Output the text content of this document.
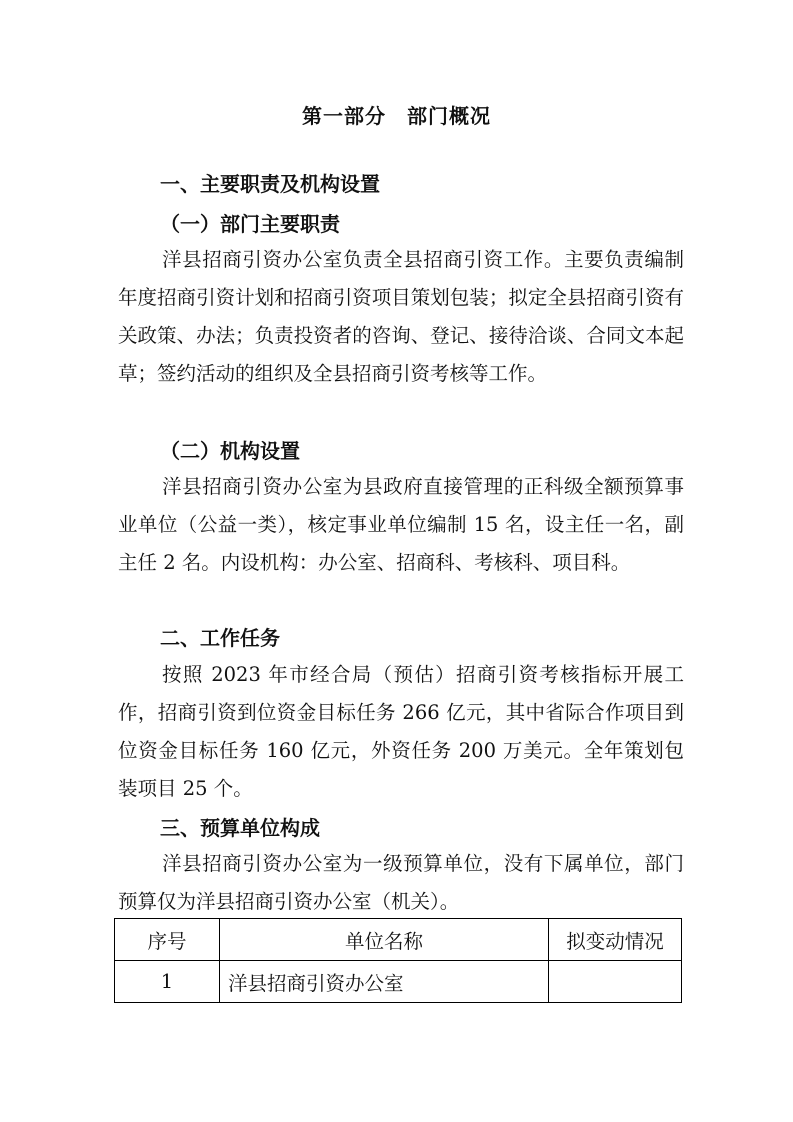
第一部分　部门概况
一、主要职责及机构设置
（一）部门主要职责
洋县招商引资办公室负责全县招商引资工作。主要负责编制年度招商引资计划和招商引资项目策划包装；拟定全县招商引资有关政策、办法；负责投资者的咨询、登记、接待洽谈、合同文本起草；签约活动的组织及全县招商引资考核等工作。
（二）机构设置
洋县招商引资办公室为县政府直接管理的正科级全额预算事业单位（公益一类），核定事业单位编制 15 名，设主任一名，副主任 2 名。内设机构：办公室、招商科、考核科、项目科。
二、工作任务
按照 2023 年市经合局（预估）招商引资考核指标开展工作，招商引资到位资金目标任务 266 亿元，其中省际合作项目到位资金目标任务 160 亿元，外资任务 200 万美元。全年策划包装项目 25 个。
三、预算单位构成
洋县招商引资办公室为一级预算单位，没有下属单位，部门预算仅为洋县招商引资办公室（机关）。
序号	单位名称	拟变动情况
1	洋县招商引资办公室	
